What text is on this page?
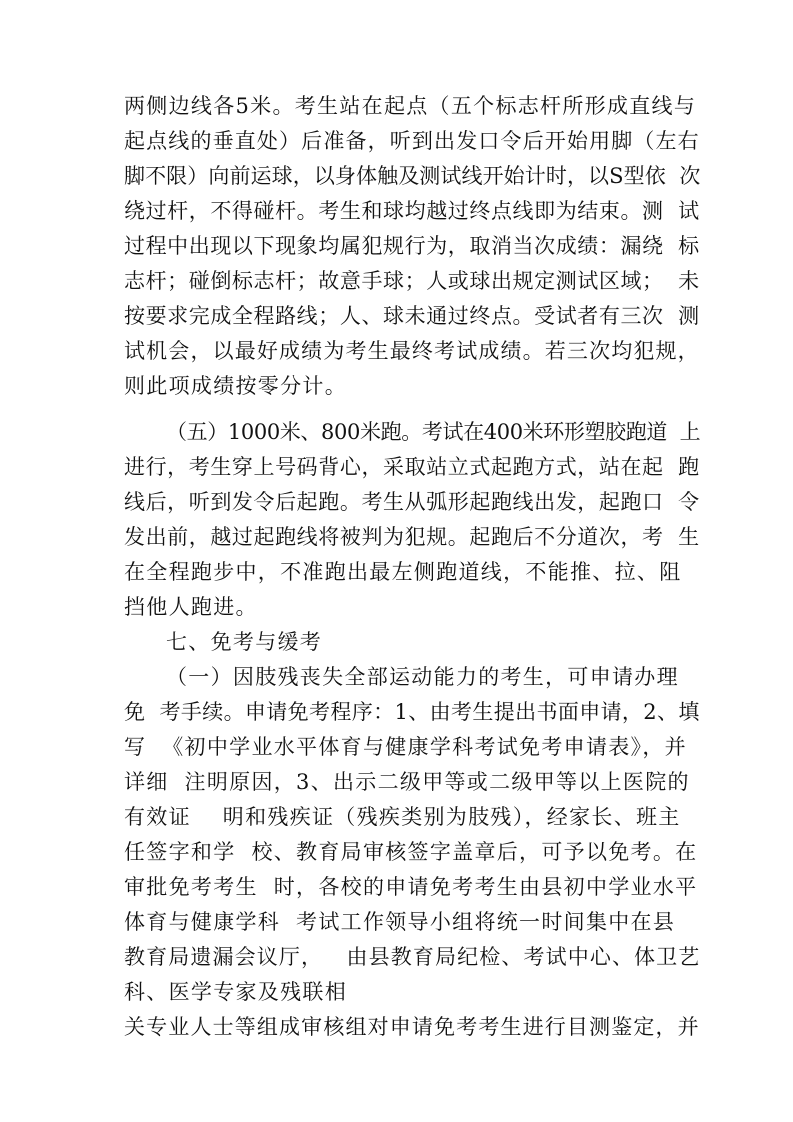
两侧边线各5米。考生站在起点（五个标志杆所形成直线与
起点线的垂直处）后准备，听到出发口令后开始用脚（左右
脚不限）向前运球，以身体触及测试线开始计时，以S型依  次
绕过杆，不得碰杆。考生和球均越过终点线即为结束。测  试
过程中出现以下现象均属犯规行为，取消当次成绩：漏绕  标
志杆；碰倒标志杆；故意手球；人或球出规定测试区域；  未
按要求完成全程路线；人、球未通过终点。受试者有三次  测
试机会，以最好成绩为考生最终考试成绩。若三次均犯规，
则此项成绩按零分计。
（五）1000米、800米跑。考试在400米环形塑胶跑道  上
进行，考生穿上号码背心，采取站立式起跑方式，站在起  跑
线后，听到发令后起跑。考生从弧形起跑线出发，起跑口  令
发出前，越过起跑线将被判为犯规。起跑后不分道次，考  生
在全程跑步中，不准跑出最左侧跑道线，不能推、拉、阻
挡他人跑进。
七、免考与缓考
（一）因肢残丧失全部运动能力的考生，可申请办理
免  考手续。申请免考程序：1、由考生提出书面申请，2、填
写  《初中学业水平体育与健康学科考试免考申请表》，并
详细  注明原因，3、出示二级甲等或二级甲等以上医院的
有效证    明和残疾证（残疾类别为肢残），经家长、班主
任签字和学  校、教育局审核签字盖章后，可予以免考。在
审批免考考生  时，各校的申请免考考生由县初中学业水平
体育与健康学科  考试工作领导小组将统一时间集中在县
教育局遗漏会议厅，   由县教育局纪检、考试中心、体卫艺
科、医学专家及残联相
关专业人士等组成审核组对申请免考考生进行目测鉴定，并
